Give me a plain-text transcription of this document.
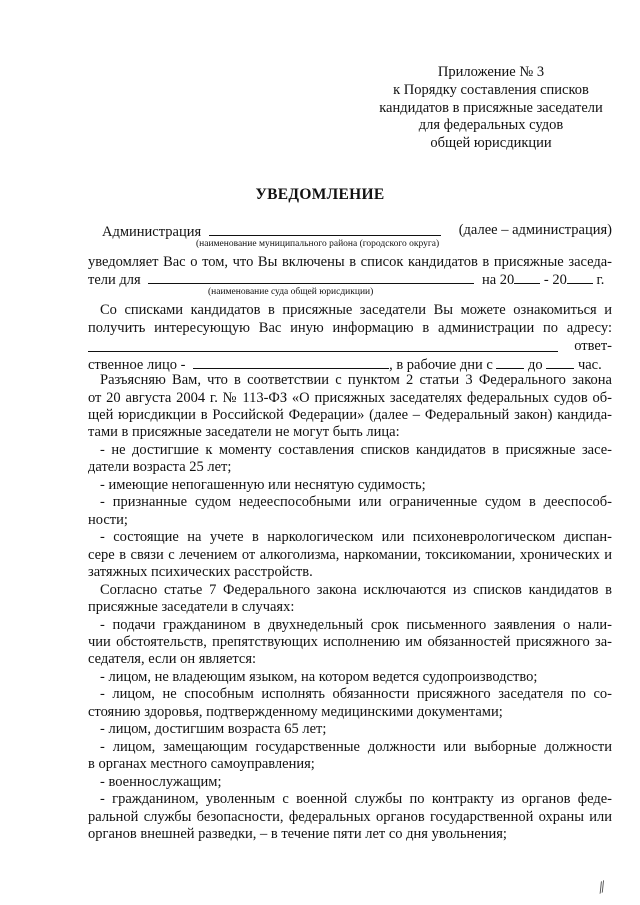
Приложение № 3
к Порядку составления списков
кандидатов в присяжные заседатели
для федеральных судов
общей юрисдикции
УВЕДОМЛЕНИЕ
Администрация	(далее – администрация)
(наименование муниципального района (городского округа)
уведомляет Вас о том, что Вы включены в список кандидатов в присяжные заседа-
тели для	на 20 - 20 г.
(наименование суда общей юрисдикции)
Со списками кандидатов в присяжные заседатели Вы можете ознакомиться и
получить интересующую Вас иную информацию в администрации по адресу:
ответ-
ственное лицо -	, в рабочие дни с до час.
Разъясняю Вам, что в соответствии с пунктом 2 статьи 3 Федерального закона
от 20 августа 2004 г. № 113-ФЗ «О присяжных заседателях федеральных судов об-
щей юрисдикции в Российской Федерации» (далее – Федеральный закон) кандида-
тами в присяжные заседатели не могут быть лица:
- не достигшие к моменту составления списков кандидатов в присяжные засе-
датели возраста 25 лет;
- имеющие непогашенную или неснятую судимость;
- признанные судом недееспособными или ограниченные судом в дееспособ-
ности;
- состоящие на учете в наркологическом или психоневрологическом диспан-
сере в связи с лечением от алкоголизма, наркомании, токсикомании, хронических и
затяжных психических расстройств.
Согласно статье 7 Федерального закона исключаются из списков кандидатов в
присяжные заседатели в случаях:
- подачи гражданином в двухнедельный срок письменного заявления о нали-
чии обстоятельств, препятствующих исполнению им обязанностей присяжного за-
седателя, если он является:
- лицом, не владеющим языком, на котором ведется судопроизводство;
- лицом, не способным исполнять обязанности присяжного заседателя по со-
стоянию здоровья, подтвержденному медицинскими документами;
- лицом, достигшим возраста 65 лет;
- лицом, замещающим государственные должности или выборные должности
в органах местного самоуправления;
- военнослужащим;
- гражданином, уволенным с военной службы по контракту из органов феде-
ральной службы безопасности, федеральных органов государственной охраны или
органов внешней разведки, – в течение пяти лет со дня увольнения;
⁄⁄
